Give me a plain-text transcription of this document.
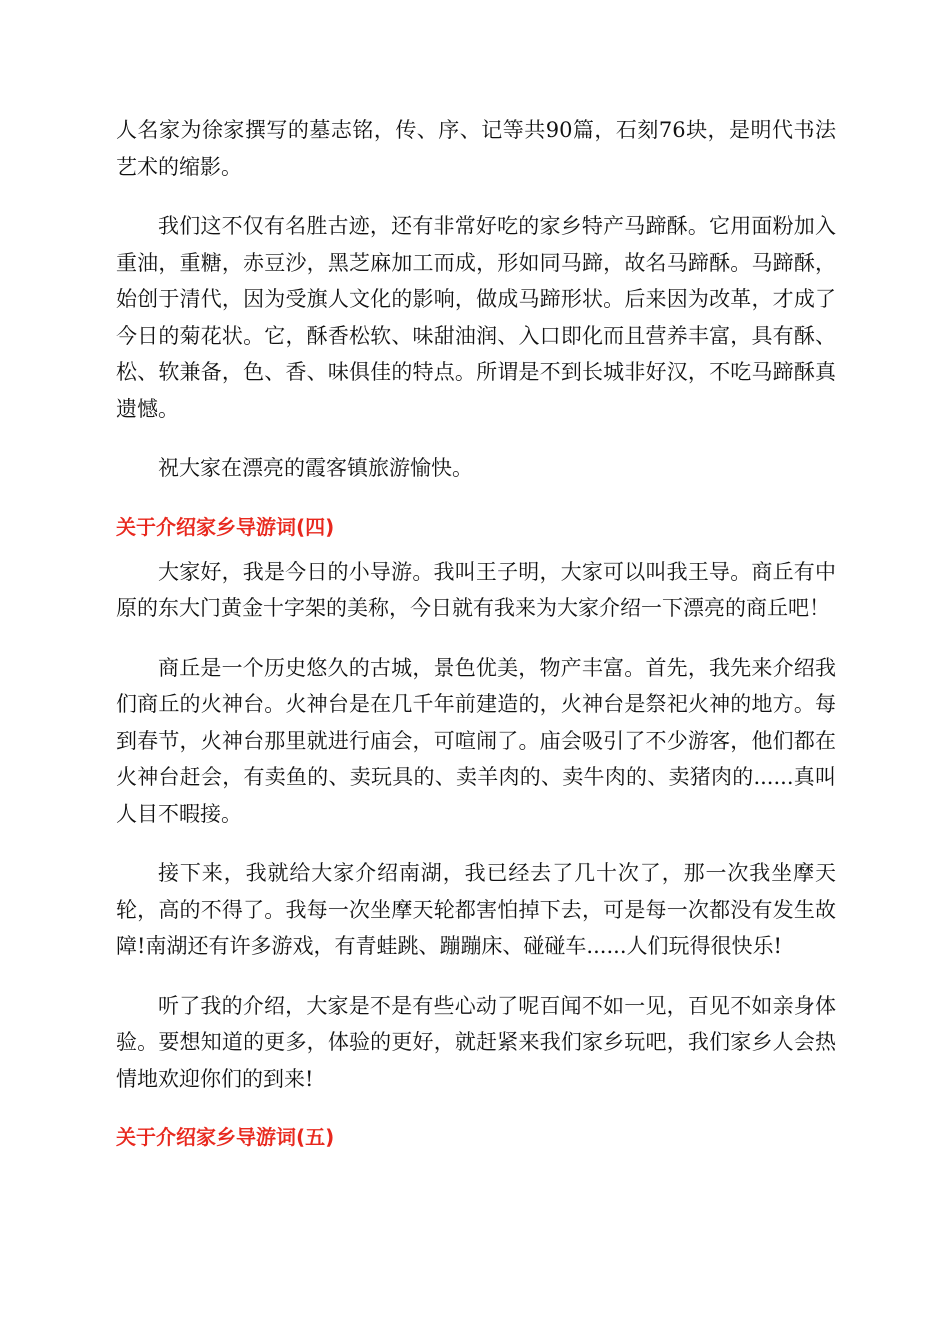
人名家为徐家撰写的墓志铭，传、序、记等共90篇，石刻76块，是明代书法艺术的缩影。

我们这不仅有名胜古迹，还有非常好吃的家乡特产马蹄酥。它用面粉加入重油，重糖，赤豆沙，黑芝麻加工而成，形如同马蹄，故名马蹄酥。马蹄酥，始创于清代，因为受旗人文化的影响，做成马蹄形状。后来因为改革，才成了今日的菊花状。它，酥香松软、味甜油润、入口即化而且营养丰富，具有酥、松、软兼备，色、香、味俱佳的特点。所谓是不到长城非好汉，不吃马蹄酥真遗憾。

祝大家在漂亮的霞客镇旅游愉快。

关于介绍家乡导游词(四)

大家好，我是今日的小导游。我叫王子明，大家可以叫我王导。商丘有中原的东大门黄金十字架的美称，今日就有我来为大家介绍一下漂亮的商丘吧！

商丘是一个历史悠久的古城，景色优美，物产丰富。首先，我先来介绍我们商丘的火神台。火神台是在几千年前建造的，火神台是祭祀火神的地方。每到春节，火神台那里就进行庙会，可喧闹了。庙会吸引了不少游客，他们都在火神台赶会，有卖鱼的、卖玩具的、卖羊肉的、卖牛肉的、卖猪肉的......真叫人目不暇接。

接下来，我就给大家介绍南湖，我已经去了几十次了，那一次我坐摩天轮，高的不得了。我每一次坐摩天轮都害怕掉下去，可是每一次都没有发生故障!南湖还有许多游戏，有青蛙跳、蹦蹦床、碰碰车......人们玩得很快乐!

听了我的介绍，大家是不是有些心动了呢百闻不如一见，百见不如亲身体验。要想知道的更多，体验的更好，就赶紧来我们家乡玩吧，我们家乡人会热情地欢迎你们的到来!

关于介绍家乡导游词(五)
